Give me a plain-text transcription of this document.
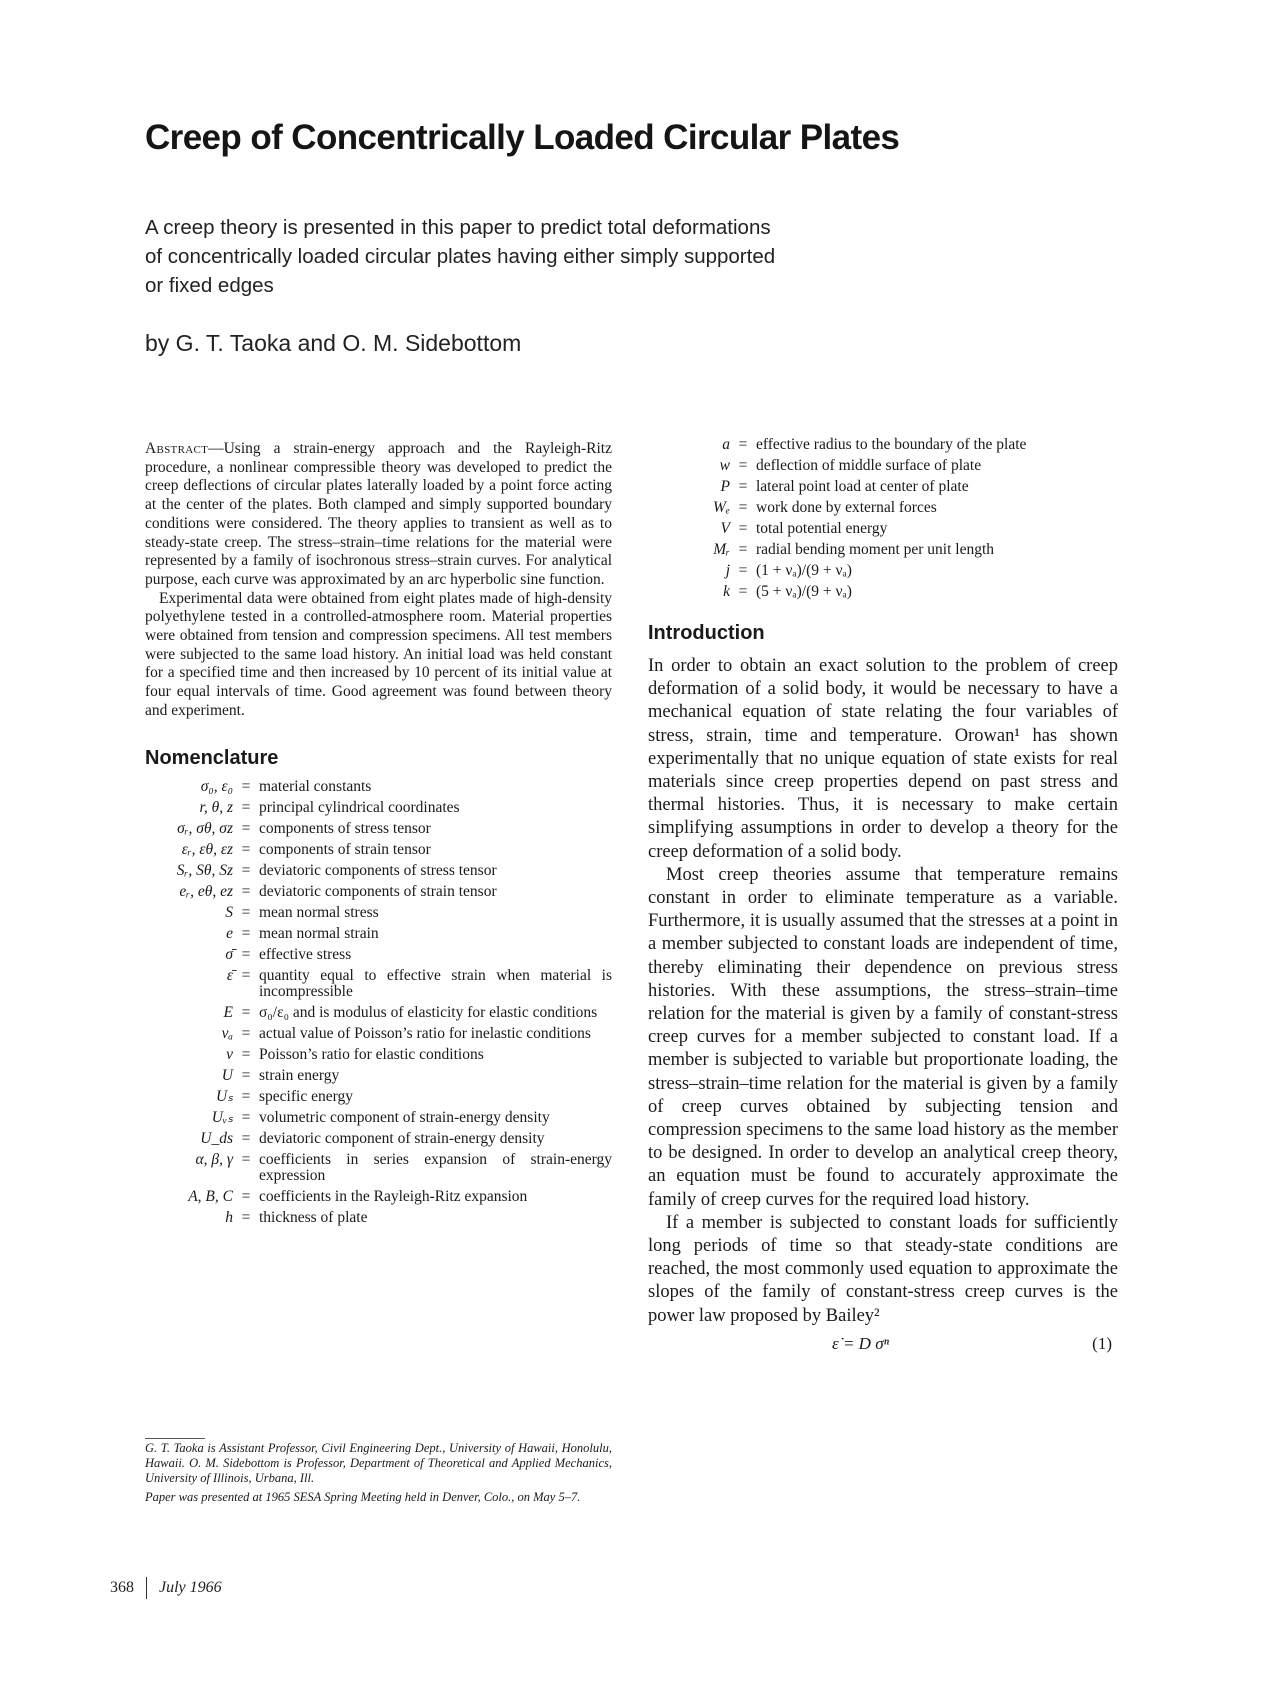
Creep of Concentrically Loaded Circular Plates
A creep theory is presented in this paper to predict total deformations of concentrically loaded circular plates having either simply supported or fixed edges
by G. T. Taoka and O. M. Sidebottom

Abstract—Using a strain-energy approach and the Rayleigh-Ritz procedure, a nonlinear compressible theory was developed to predict the creep deflections of circular plates laterally loaded by a point force acting at the center of the plates. Both clamped and simply supported boundary conditions were considered. The theory applies to transient as well as to steady-state creep. The stress–strain–time relations for the material were represented by a family of isochronous stress–strain curves. For analytical purpose, each curve was approximated by an arc hyperbolic sine function.

Experimental data were obtained from eight plates made of high-density polyethylene tested in a controlled-atmosphere room. Material properties were obtained from tension and compression specimens. All test members were subjected to the same load history. An initial load was held constant for a specified time and then increased by 10 percent of its initial value at four equal intervals of time. Good agreement was found between theory and experiment.

Nomenclature
σ₀, ε₀ = material constants
r, θ, z = principal cylindrical coordinates
σᵣ, σθ, σz = components of stress tensor
εᵣ, εθ, εz = components of strain tensor
Sᵣ, Sθ, Sz = deviatoric components of stress tensor
eᵣ, eθ, ez = deviatoric components of strain tensor
S = mean normal stress
e = mean normal strain
σ̄ = effective stress
ε̄ = quantity equal to effective strain when material is incompressible
E = σ₀/ε₀ and is modulus of elasticity for elastic conditions
νₐ = actual value of Poisson’s ratio for inelastic conditions
ν = Poisson’s ratio for elastic conditions
U = strain energy
Uₛ = specific energy
Uᵥₛ = volumetric component of strain-energy density
U_ds = deviatoric component of strain-energy density
α, β, γ = coefficients in series expansion of strain-energy expression
A, B, C = coefficients in the Rayleigh-Ritz expansion
h = thickness of plate
a = effective radius to the boundary of the plate
w = deflection of middle surface of plate
P = lateral point load at center of plate
Wₑ = work done by external forces
V = total potential energy
Mᵣ = radial bending moment per unit length
j = (1 + νₐ)/(9 + νₐ)
k = (5 + νₐ)/(9 + νₐ)
Introduction

In order to obtain an exact solution to the problem of creep deformation of a solid body, it would be necessary to have a mechanical equation of state relating the four variables of stress, strain, time and temperature. Orowan¹ has shown experimentally that no unique equation of state exists for real materials since creep properties depend on past stress and thermal histories. Thus, it is necessary to make certain simplifying assumptions in order to develop a theory for the creep deformation of a solid body.

Most creep theories assume that temperature remains constant in order to eliminate temperature as a variable. Furthermore, it is usually assumed that the stresses at a point in a member subjected to constant loads are independent of time, thereby eliminating their dependence on previous stress histories. With these assumptions, the stress–strain–time relation for the material is given by a family of constant-stress creep curves for a member subjected to constant load. If a member is subjected to variable but proportionate loading, the stress–strain–time relation for the material is given by a family of creep curves obtained by subjecting tension and compression specimens to the same load history as the member to be designed. In order to develop an analytical creep theory, an equation must be found to accurately approximate the family of creep curves for the required load history.

If a member is subjected to constant loads for sufficiently long periods of time so that steady-state conditions are reached, the most commonly used equation to approximate the slopes of the family of constant-stress creep curves is the power law proposed by Bailey²

ε̇ = D σⁿ	(1)

G. T. Taoka is Assistant Professor, Civil Engineering Dept., University of Hawaii, Honolulu, Hawaii. O. M. Sidebottom is Professor, Department of Theoretical and Applied Mechanics, University of Illinois, Urbana, Ill.

Paper was presented at 1965 SESA Spring Meeting held in Denver, Colo., on May 5–7.

368 July 1966
